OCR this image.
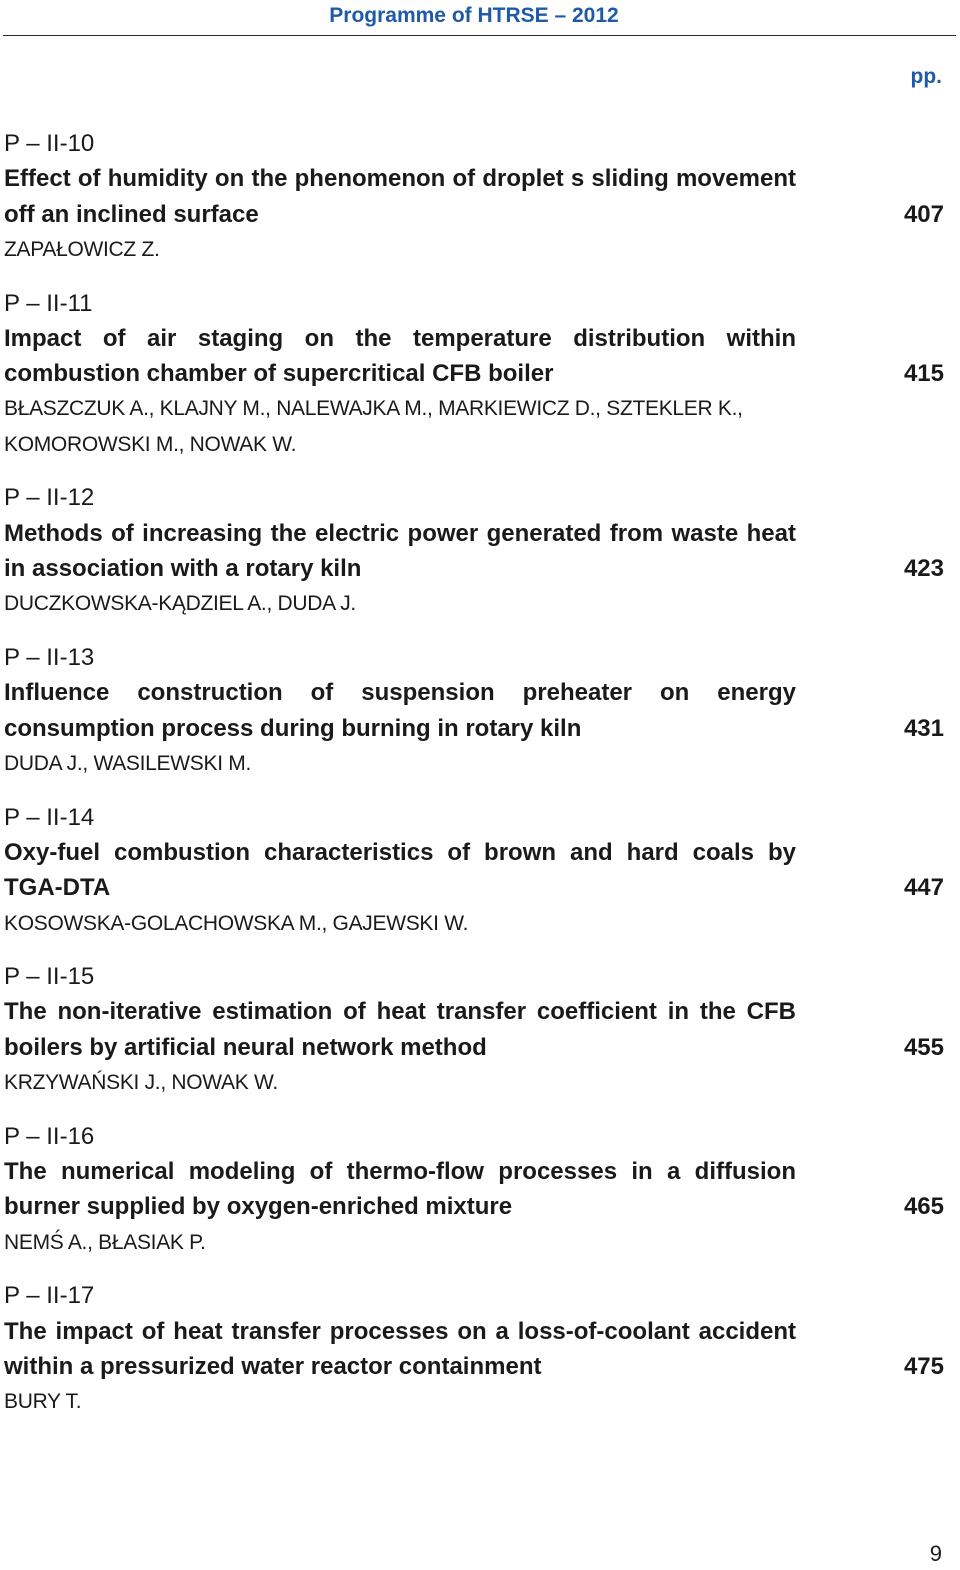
Programme of HTRSE – 2012
pp.
P – II-10
Effect of humidity on the phenomenon of droplet s sliding movement off an inclined surface	407
ZAPAŁOWICZ Z.
P – II-11
Impact of air staging on the temperature distribution within combustion chamber of supercritical CFB boiler	415
BŁASZCZUK A., KLAJNY M., NALEWAJKA M., MARKIEWICZ D., SZTEKLER K.,
KOMOROWSKI M., NOWAK W.
P – II-12
Methods of increasing the electric power generated from waste heat in association with a rotary kiln	423
DUCZKOWSKA-KĄDZIEL A., DUDA J.
P – II-13
Influence construction of suspension preheater on energy consumption process during burning in rotary kiln	431
DUDA J., WASILEWSKI M.
P – II-14
Oxy-fuel combustion characteristics of brown and hard coals by TGA-DTA	447
KOSOWSKA-GOLACHOWSKA M., GAJEWSKI W.
P – II-15
The non-iterative estimation of heat transfer coefficient in the CFB boilers by artificial neural network method	455
KRZYWAŃSKI J., NOWAK W.
P – II-16
The numerical modeling of thermo-flow processes in a diffusion burner supplied by oxygen-enriched mixture	465
NEMŚ A., BŁASIAK P.
P – II-17
The impact of heat transfer processes on a loss-of-coolant accident within a pressurized water reactor containment	475
BURY T.
9
